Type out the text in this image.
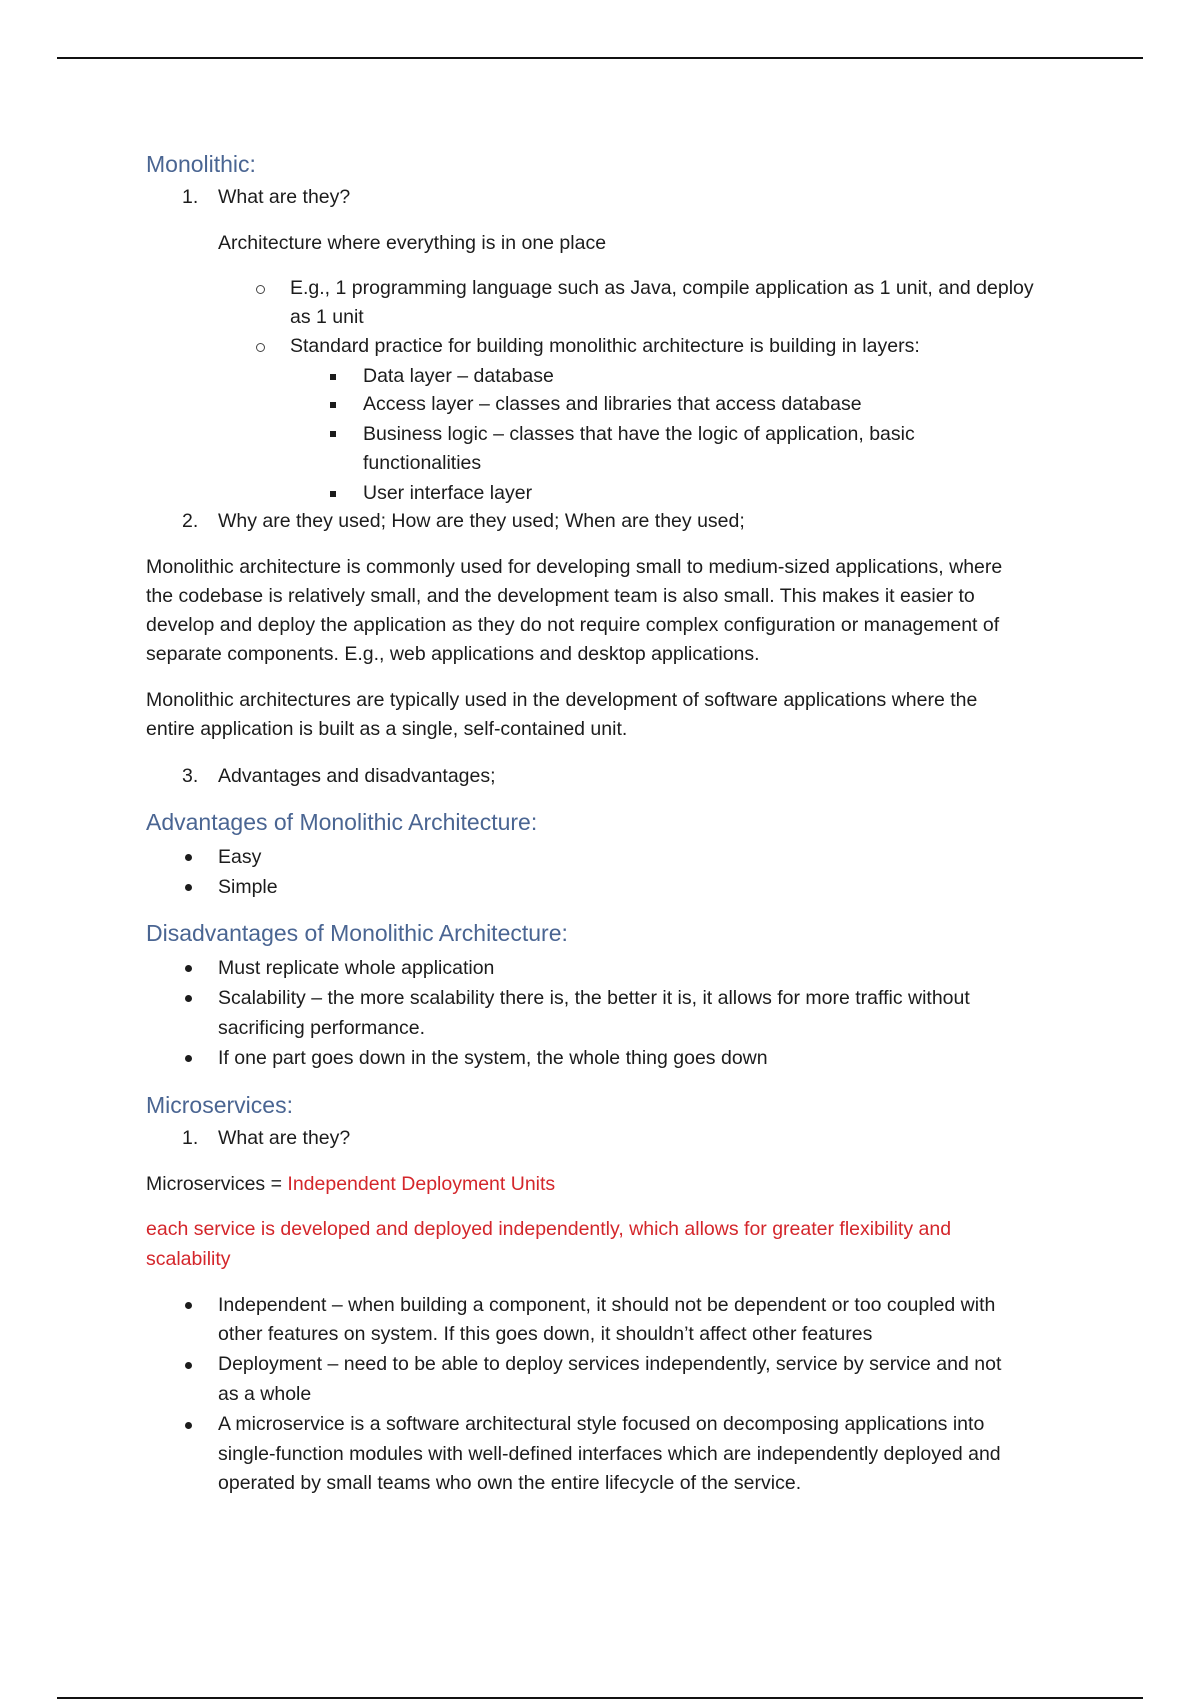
Monolithic:
1. What are they?
Architecture where everything is in one place
E.g., 1 programming language such as Java, compile application as 1 unit, and deploy
as 1 unit
Standard practice for building monolithic architecture is building in layers:
Data layer – database
Access layer – classes and libraries that access database
Business logic – classes that have the logic of application, basic
functionalities
User interface layer
2. Why are they used; How are they used; When are they used;
Monolithic architecture is commonly used for developing small to medium-sized applications, where
the codebase is relatively small, and the development team is also small. This makes it easier to
develop and deploy the application as they do not require complex configuration or management of
separate components. E.g., web applications and desktop applications.
Monolithic architectures are typically used in the development of software applications where the
entire application is built as a single, self-contained unit.
3. Advantages and disadvantages;
Advantages of Monolithic Architecture:
Easy
Simple
Disadvantages of Monolithic Architecture:
Must replicate whole application
Scalability – the more scalability there is, the better it is, it allows for more traffic without
sacrificing performance.
If one part goes down in the system, the whole thing goes down
Microservices:
1. What are they?
Microservices = Independent Deployment Units
each service is developed and deployed independently, which allows for greater flexibility and
scalability
Independent – when building a component, it should not be dependent or too coupled with
other features on system. If this goes down, it shouldn’t affect other features
Deployment – need to be able to deploy services independently, service by service and not
as a whole
A microservice is a software architectural style focused on decomposing applications into
single-function modules with well-defined interfaces which are independently deployed and
operated by small teams who own the entire lifecycle of the service.
